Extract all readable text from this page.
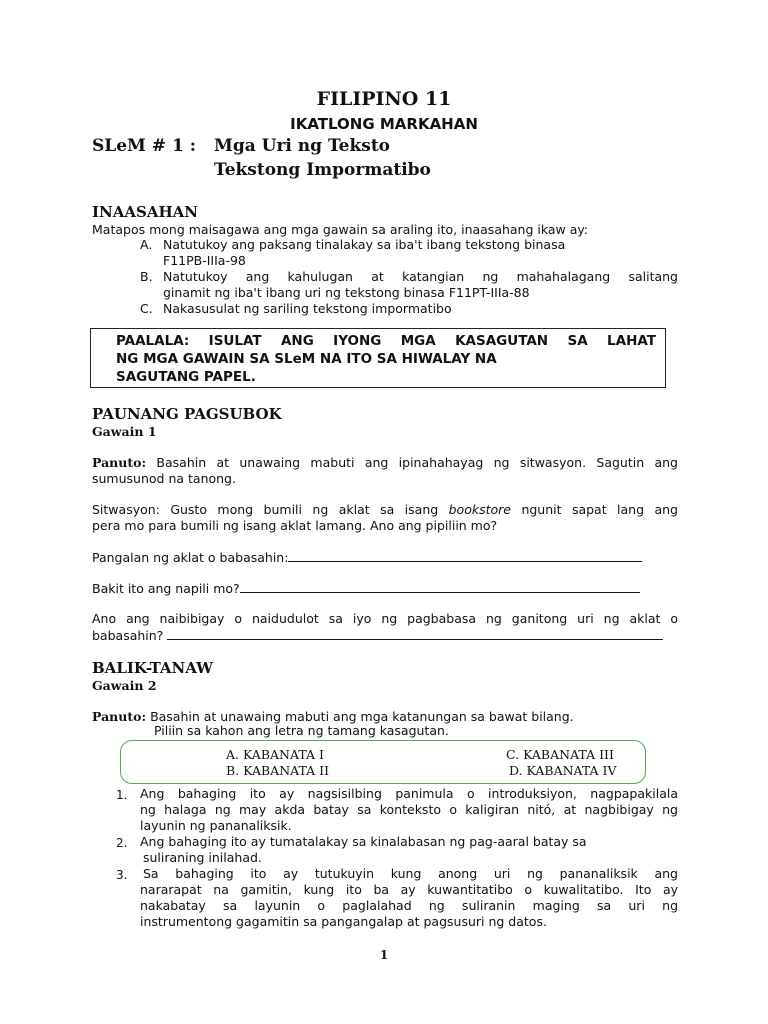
FILIPINO 11
IKATLONG MARKAHAN
SLeM # 1 : Mga Uri ng Teksto
Tekstong Impormatibo
INAASAHAN
Matapos mong maisagawa ang mga gawain sa araling ito, inaasahang ikaw ay:
A. Natutukoy ang paksang tinalakay sa iba't ibang tekstong binasa
F11PB-IIIa-98
B. Natutukoy ang kahulugan at katangian ng mahahalagang salitang
ginamit ng iba't ibang uri ng tekstong binasa F11PT-IIIa-88
C. Nakasusulat ng sariling tekstong impormatibo
PAALALA: ISULAT ANG IYONG MGA KASAGUTAN SA LAHAT
NG MGA GAWAIN SA SLeM NA ITO SA HIWALAY NA
SAGUTANG PAPEL.
PAUNANG PAGSUBOK
Gawain 1
Panuto: Basahin at unawaing mabuti ang ipinahahayag ng sitwasyon. Sagutin ang
sumusunod na tanong.
Sitwasyon: Gusto mong bumili ng aklat sa isang bookstore ngunit sapat lang ang
pera mo para bumili ng isang aklat lamang. Ano ang pipiliin mo?
Pangalan ng aklat o babasahin:
Bakit ito ang napili mo?
Ano ang naibibigay o naidudulot sa iyo ng pagbabasa ng ganitong uri ng aklat o
babasahin?
BALIK-TANAW
Gawain 2
Panuto: Basahin at unawaing mabuti ang mga katanungan sa bawat bilang.
Piliin sa kahon ang letra ng tamang kasagutan.
A. KABANATA I
B. KABANATA II
C. KABANATA III
D. KABANATA IV
1.	Ang bahaging ito ay nagsisilbing panimula o introduksiyon, nagpapakilala
ng halaga ng may akda batay sa konteksto o kaligiran nitó, at nagbibigay ng
layunin ng pananaliksik.
2.	Ang bahaging ito ay tumatalakay sa kinalabasan ng pag-aaral batay sa
suliraning inilahad.
3.	Sa bahaging ito ay tutukuyin kung anong uri ng pananaliksik ang
nararapat na gamitin, kung ito ba ay kuwantitatibo o kuwalitatibo. Ito ay
nakabatay sa layunin o paglalahad ng suliranin maging sa uri ng
instrumentong gagamitin sa pangangalap at pagsusuri ng datos.
1
